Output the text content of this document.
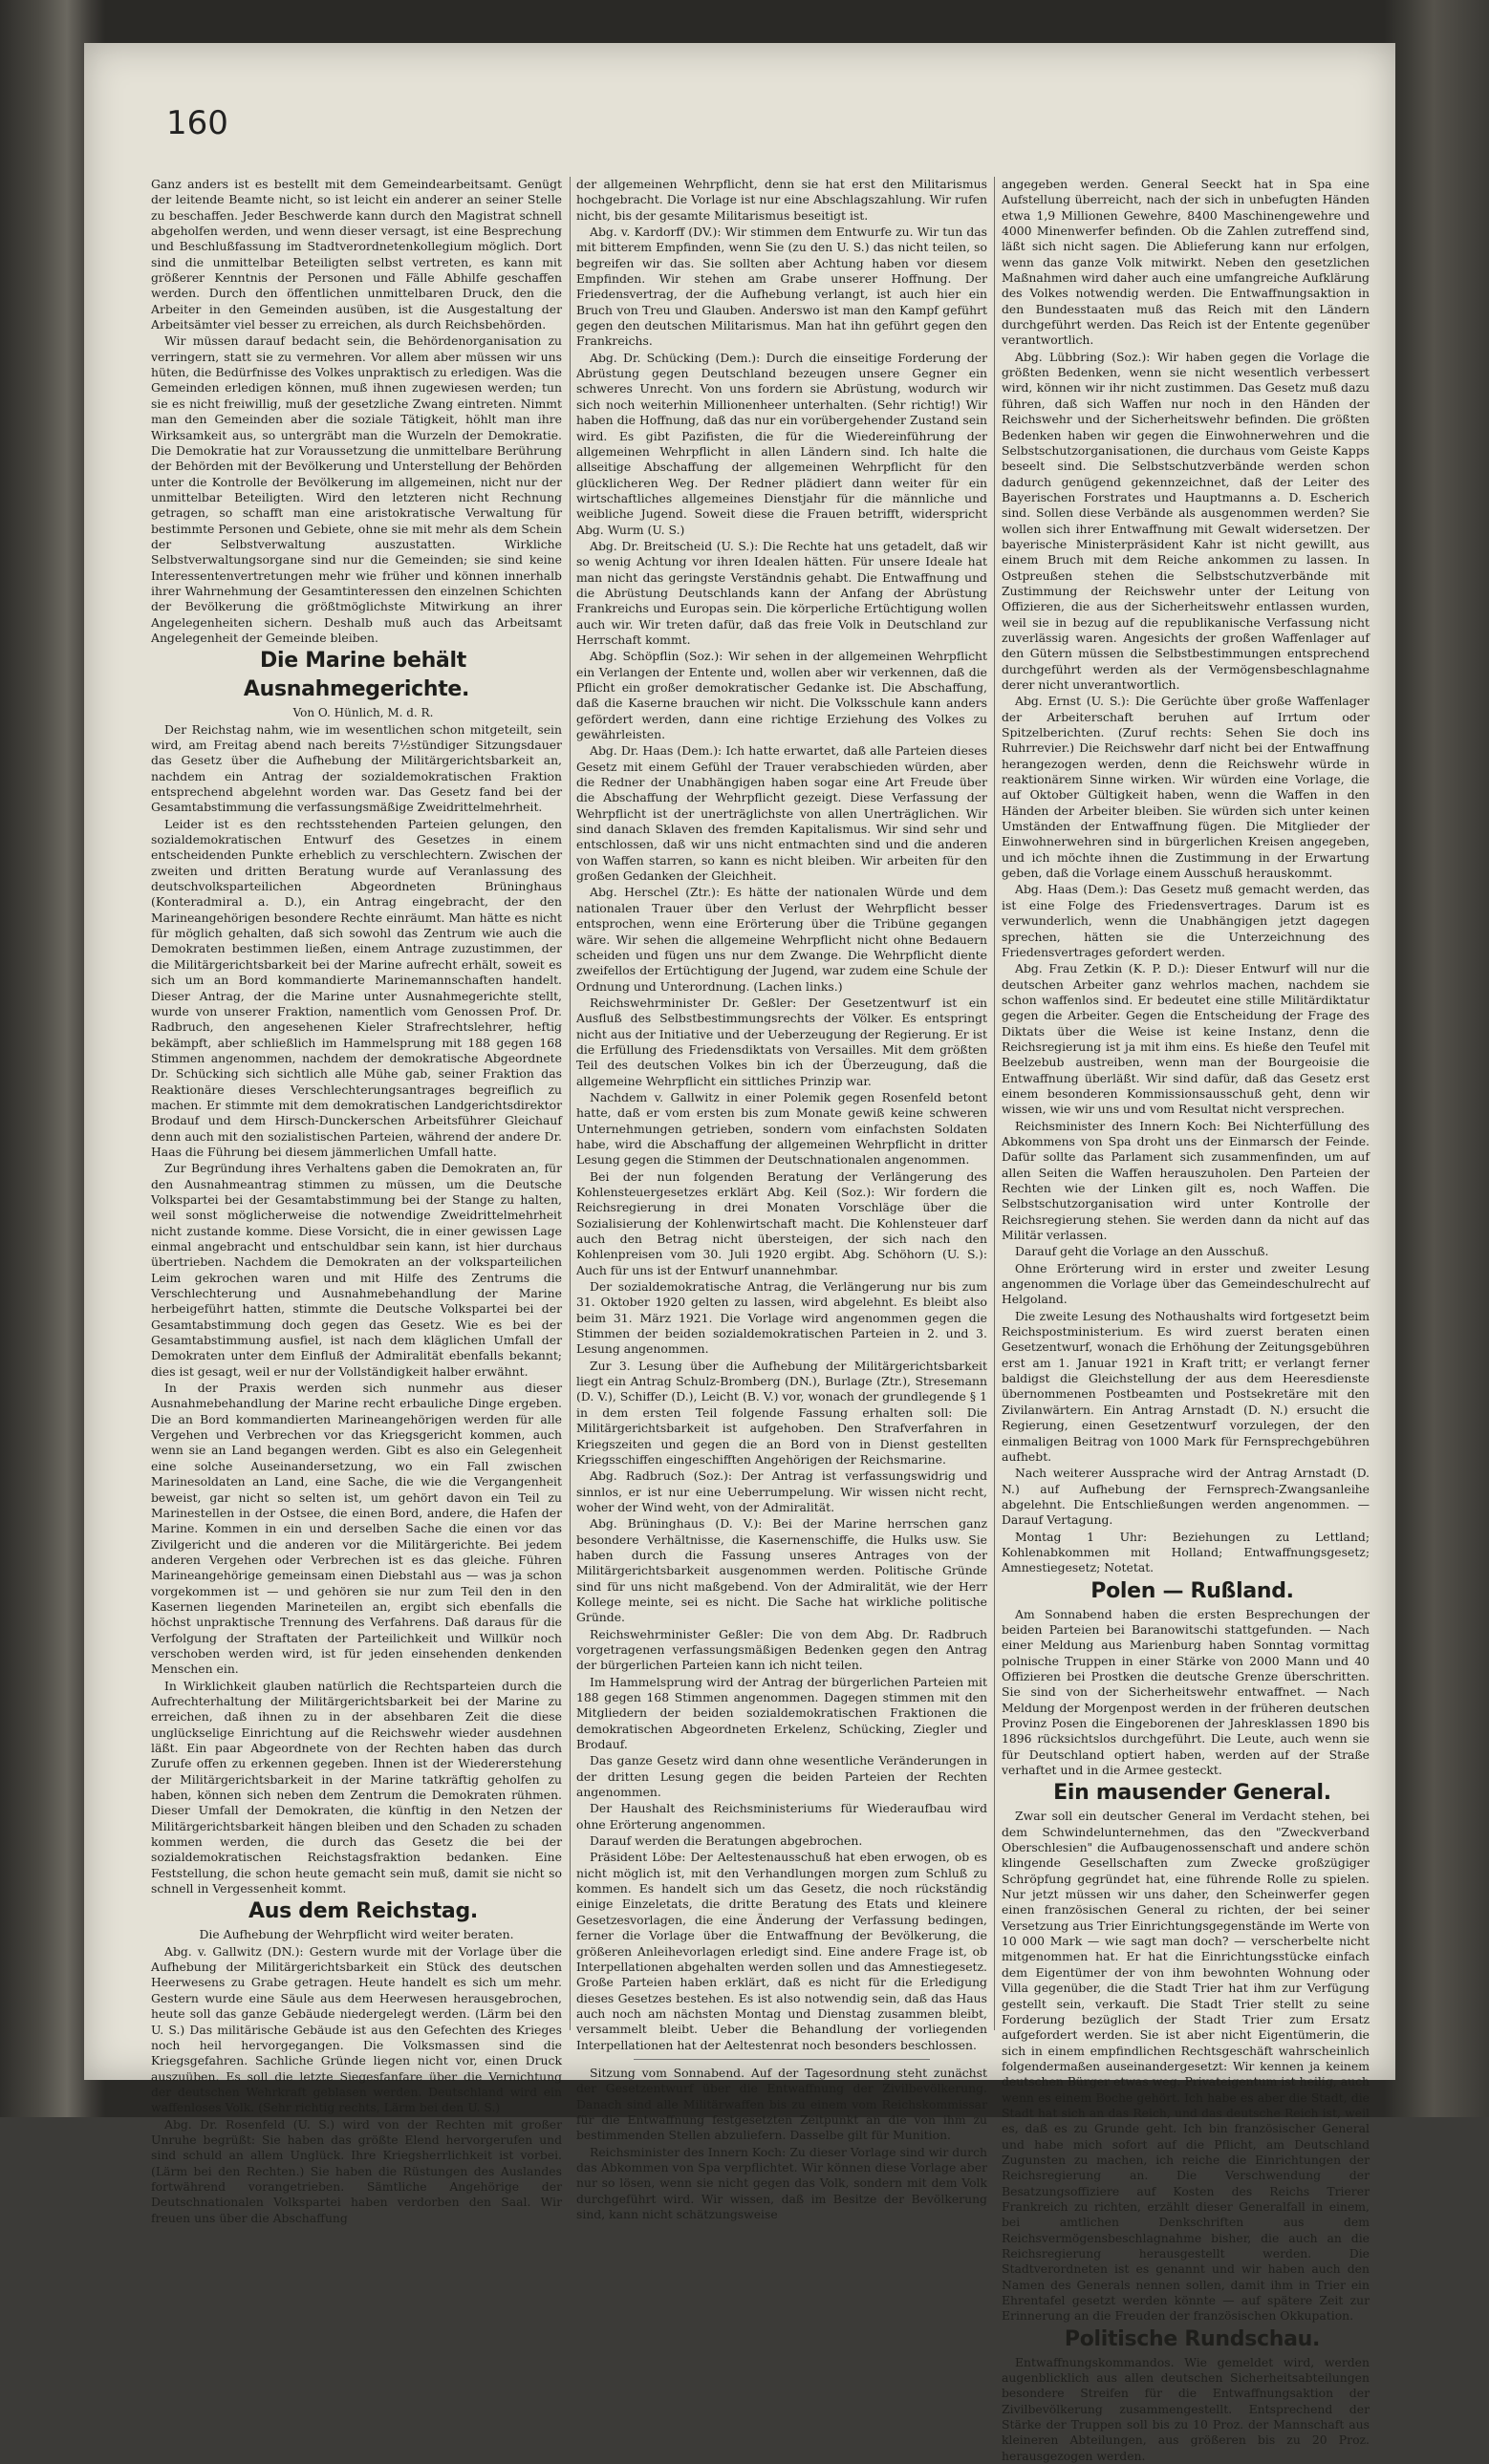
160

Ganz anders ist es bestellt mit dem Gemeindearbeitsamt. Genügt der leitende Beamte nicht, so ist leicht ein anderer an seiner Stelle zu beschaffen. Jeder Beschwerde kann durch den Magistrat schnell abgeholfen werden, und wenn dieser versagt, ist eine Besprechung und Beschlußfassung im Stadtverordnetenkollegium möglich. Dort sind die unmittelbar Beteiligten selbst vertreten, es kann mit größerer Kenntnis der Personen und Fälle Abhilfe geschaffen werden. Durch den öffentlichen unmittelbaren Druck, den die Arbeiter in den Gemeinden ausüben, ist die Ausgestaltung der Arbeitsämter viel besser zu erreichen, als durch Reichsbehörden.

Wir müssen darauf bedacht sein, die Behördenorganisation zu verringern, statt sie zu vermehren. Vor allem aber müssen wir uns hüten, die Bedürfnisse des Volkes unpraktisch zu erledigen. Was die Gemeinden erledigen können, muß ihnen zugewiesen werden; tun sie es nicht freiwillig, muß der gesetzliche Zwang eintreten. Nimmt man den Gemeinden aber die soziale Tätigkeit, höhlt man ihre Wirksamkeit aus, so untergräbt man die Wurzeln der Demokratie. Die Demokratie hat zur Voraussetzung die unmittelbare Berührung der Behörden mit der Bevölkerung und Unterstellung der Behörden unter die Kontrolle der Bevölkerung im allgemeinen, nicht nur der unmittelbar Beteiligten. Wird den letzteren nicht Rechnung getragen, so schafft man eine aristokratische Verwaltung für bestimmte Personen und Gebiete, ohne sie mit mehr als dem Schein der Selbstverwaltung auszustatten. Wirkliche Selbstverwaltungsorgane sind nur die Gemeinden; sie sind keine Interessentenvertretungen mehr wie früher und können innerhalb ihrer Wahrnehmung der Gesamtinteressen den einzelnen Schichten der Bevölkerung die größtmöglichste Mitwirkung an ihrer Angelegenheiten sichern. Deshalb muß auch das Arbeitsamt Angelegenheit der Gemeinde bleiben.

Die Marine behält Ausnahmegerichte.

Von O. Hünlich, M. d. R.

Der Reichstag nahm, wie im wesentlichen schon mitgeteilt, sein wird, am Freitag abend nach bereits 7½stündiger Sitzungsdauer das Gesetz über die Aufhebung der Militärgerichtsbarkeit an, nachdem ein Antrag der sozialdemokratischen Fraktion entsprechend abgelehnt worden war. Das Gesetz fand bei der Gesamtabstimmung die verfassungsmäßige Zweidrittelmehrheit.

Leider ist es den rechtsstehenden Parteien gelungen, den sozialdemokratischen Entwurf des Gesetzes in einem entscheidenden Punkte erheblich zu verschlechtern. Zwischen der zweiten und dritten Beratung wurde auf Veranlassung des deutschvolksparteilichen Abgeordneten Brüninghaus (Konteradmiral a. D.), ein Antrag eingebracht, der den Marineangehörigen besondere Rechte einräumt. Man hätte es nicht für möglich gehalten, daß sich sowohl das Zentrum wie auch die Demokraten bestimmen ließen, einem Antrage zuzustimmen, der die Militärgerichtsbarkeit bei der Marine aufrecht erhält, soweit es sich um an Bord kommandierte Marinemannschaften handelt. Dieser Antrag, der die Marine unter Ausnahmegerichte stellt, wurde von unserer Fraktion, namentlich vom Genossen Prof. Dr. Radbruch, den angesehenen Kieler Strafrechtslehrer, heftig bekämpft, aber schließlich im Hammelsprung mit 188 gegen 168 Stimmen angenommen, nachdem der demokratische Abgeordnete Dr. Schücking sich sichtlich alle Mühe gab, seiner Fraktion das Reaktionäre dieses Verschlechterungsantrages begreiflich zu machen. Er stimmte mit dem demokratischen Landgerichtsdirektor Brodauf und dem Hirsch-Dunckerschen Arbeitsführer Gleichauf denn auch mit den sozialistischen Parteien, während der andere Dr. Haas die Führung bei diesem jämmerlichen Umfall hatte.

Zur Begründung ihres Verhaltens gaben die Demokraten an, für den Ausnahmeantrag stimmen zu müssen, um die Deutsche Volkspartei bei der Gesamtabstimmung bei der Stange zu halten, weil sonst möglicherweise die notwendige Zweidrittelmehrheit nicht zustande komme. Diese Vorsicht, die in einer gewissen Lage einmal angebracht und entschuldbar sein kann, ist hier durchaus übertrieben. Nachdem die Demokraten an der volksparteilichen Leim gekrochen waren und mit Hilfe des Zentrums die Verschlechterung und Ausnahmebehandlung der Marine herbeigeführt hatten, stimmte die Deutsche Volkspartei bei der Gesamtabstimmung doch gegen das Gesetz. Wie es bei der Gesamtabstimmung ausfiel, ist nach dem kläglichen Umfall der Demokraten unter dem Einfluß der Admiralität ebenfalls bekannt; dies ist gesagt, weil er nur der Vollständigkeit halber erwähnt.

In der Praxis werden sich nunmehr aus dieser Ausnahmebehandlung der Marine recht erbauliche Dinge ergeben. Die an Bord kommandierten Marineangehörigen werden für alle Vergehen und Verbrechen vor das Kriegsgericht kommen, auch wenn sie an Land begangen werden. Gibt es also ein Gelegenheit eine solche Auseinandersetzung, wo ein Fall zwischen Marinesoldaten an Land, eine Sache, die wie die Vergangenheit beweist, gar nicht so selten ist, um gehört davon ein Teil zu Marinestellen in der Ostsee, die einen Bord, andere, die Hafen der Marine. Kommen in ein und derselben Sache die einen vor das Zivilgericht und die anderen vor die Militärgerichte. Bei jedem anderen Vergehen oder Verbrechen ist es das gleiche. Führen Marineangehörige gemeinsam einen Diebstahl aus — was ja schon vorgekommen ist — und gehören sie nur zum Teil den in den Kasernen liegenden Marineteilen an, ergibt sich ebenfalls die höchst unpraktische Trennung des Verfahrens. Daß daraus für die Verfolgung der Straftaten der Parteilichkeit und Willkür noch verschoben werden wird, ist für jeden einsehenden denkenden Menschen ein.

In Wirklichkeit glauben natürlich die Rechtsparteien durch die Aufrechterhaltung der Militärgerichtsbarkeit bei der Marine zu erreichen, daß ihnen zu in der absehbaren Zeit die diese unglückselige Einrichtung auf die Reichswehr wieder ausdehnen läßt. Ein paar Abgeordnete von der Rechten haben das durch Zurufe offen zu erkennen gegeben. Ihnen ist der Wiedererstehung der Militärgerichtsbarkeit in der Marine tatkräftig geholfen zu haben, können sich neben dem Zentrum die Demokraten rühmen. Dieser Umfall der Demokraten, die künftig in den Netzen der Militärgerichtsbarkeit hängen bleiben und den Schaden zu schaden kommen werden, die durch das Gesetz die bei der sozialdemokratischen Reichstagsfraktion bedanken. Eine Feststellung, die schon heute gemacht sein muß, damit sie nicht so schnell in Vergessenheit kommt.

Aus dem Reichstag.

Die Aufhebung der Wehrpflicht wird weiter beraten.

Abg. v. Gallwitz (DN.): Gestern wurde mit der Vorlage über die Aufhebung der Militärgerichtsbarkeit ein Stück des deutschen Heerwesens zu Grabe getragen. Heute handelt es sich um mehr. Gestern wurde eine Säule aus dem Heerwesen herausgebrochen, heute soll das ganze Gebäude niedergelegt werden. (Lärm bei den U. S.) Das militärische Gebäude ist aus den Gefechten des Krieges noch heil hervorgegangen. Die Volksmassen sind die Kriegsgefahren. Sachliche Gründe liegen nicht vor, einen Druck auszuüben. Es soll die letzte Siegesfanfare über die Vernichtung der deutschen Wehrkraft geblasen werden. Deutschland wird ein waffenloses Volk. (Sehr richtig rechts, Lärm bei den U. S.)

Abg. Dr. Rosenfeld (U. S.) wird von der Rechten mit großer Unruhe begrüßt: Sie haben das größte Elend hervorgerufen und sind schuld an allem Unglück. Ihre Kriegsherrlichkeit ist vorbei. (Lärm bei den Rechten.) Sie haben die Rüstungen des Auslandes fortwährend vorangetrieben. Sämtliche Angehörige der Deutschnationalen Volkspartei haben verdorben den Saal. Wir freuen uns über die Abschaffung

der allgemeinen Wehrpflicht, denn sie hat erst den Militarismus hochgebracht. Die Vorlage ist nur eine Abschlagszahlung. Wir rufen nicht, bis der gesamte Militarismus beseitigt ist.

Abg. v. Kardorff (DV.): Wir stimmen dem Entwurfe zu. Wir tun das mit bitterem Empfinden, wenn Sie (zu den U. S.) das nicht teilen, so begreifen wir das. Sie sollten aber Achtung haben vor diesem Empfinden. Wir stehen am Grabe unserer Hoffnung. Der Friedensvertrag, der die Aufhebung verlangt, ist auch hier ein Bruch von Treu und Glauben. Anderswo ist man den Kampf geführt gegen den deutschen Militarismus. Man hat ihn geführt gegen den Frankreichs.

Abg. Dr. Schücking (Dem.): Durch die einseitige Forderung der Abrüstung gegen Deutschland bezeugen unsere Gegner ein schweres Unrecht. Von uns fordern sie Abrüstung, wodurch wir sich noch weiterhin Millionenheer unterhalten. (Sehr richtig!) Wir haben die Hoffnung, daß das nur ein vorübergehender Zustand sein wird. Es gibt Pazifisten, die für die Wiedereinführung der allgemeinen Wehrpflicht in allen Ländern sind. Ich halte die allseitige Abschaffung der allgemeinen Wehrpflicht für den glücklicheren Weg. Der Redner plädiert dann weiter für ein wirtschaftliches allgemeines Dienstjahr für die männliche und weibliche Jugend. Soweit diese die Frauen betrifft, widerspricht Abg. Wurm (U. S.)

Abg. Dr. Breitscheid (U. S.): Die Rechte hat uns getadelt, daß wir so wenig Achtung vor ihren Idealen hätten. Für unsere Ideale hat man nicht das geringste Verständnis gehabt. Die Entwaffnung und die Abrüstung Deutschlands kann der Anfang der Abrüstung Frankreichs und Europas sein. Die körperliche Ertüchtigung wollen auch wir. Wir treten dafür, daß das freie Volk in Deutschland zur Herrschaft kommt.

Abg. Schöpflin (Soz.): Wir sehen in der allgemeinen Wehrpflicht ein Verlangen der Entente und, wollen aber wir verkennen, daß die Pflicht ein großer demokratischer Gedanke ist. Die Abschaffung, daß die Kaserne brauchen wir nicht. Die Volksschule kann anders gefördert werden, dann eine richtige Erziehung des Volkes zu gewährleisten.

Abg. Dr. Haas (Dem.): Ich hatte erwartet, daß alle Parteien dieses Gesetz mit einem Gefühl der Trauer verabschieden würden, aber die Redner der Unabhängigen haben sogar eine Art Freude über die Abschaffung der Wehrpflicht gezeigt. Diese Verfassung der Wehrpflicht ist der unerträglichste von allen Unerträglichen. Wir sind danach Sklaven des fremden Kapitalismus. Wir sind sehr und entschlossen, daß wir uns nicht entmachten sind und die anderen von Waffen starren, so kann es nicht bleiben. Wir arbeiten für den großen Gedanken der Gleichheit.

Abg. Herschel (Ztr.): Es hätte der nationalen Würde und dem nationalen Trauer über den Verlust der Wehrpflicht besser entsprochen, wenn eine Erörterung über die Tribüne gegangen wäre. Wir sehen die allgemeine Wehrpflicht nicht ohne Bedauern scheiden und fügen uns nur dem Zwange. Die Wehrpflicht diente zweifellos der Ertüchtigung der Jugend, war zudem eine Schule der Ordnung und Unterordnung. (Lachen links.)

Reichswehrminister Dr. Geßler: Der Gesetzentwurf ist ein Ausfluß des Selbstbestimmungsrechts der Völker. Es entspringt nicht aus der Initiative und der Ueberzeugung der Regierung. Er ist die Erfüllung des Friedensdiktats von Versailles. Mit dem größten Teil des deutschen Volkes bin ich der Überzeugung, daß die allgemeine Wehrpflicht ein sittliches Prinzip war.

Nachdem v. Gallwitz in einer Polemik gegen Rosenfeld betont hatte, daß er vom ersten bis zum Monate gewiß keine schweren Unternehmungen getrieben, sondern vom einfachsten Soldaten habe, wird die Abschaffung der allgemeinen Wehrpflicht in dritter Lesung gegen die Stimmen der Deutschnationalen angenommen.

Bei der nun folgenden Beratung der Verlängerung des Kohlensteuergesetzes erklärt Abg. Keil (Soz.): Wir fordern die Reichsregierung in drei Monaten Vorschläge über die Sozialisierung der Kohlenwirtschaft macht. Die Kohlensteuer darf auch den Betrag nicht übersteigen, der sich nach den Kohlenpreisen vom 30. Juli 1920 ergibt. Abg. Schöhorn (U. S.): Auch für uns ist der Entwurf unannehmbar.

Der sozialdemokratische Antrag, die Verlängerung nur bis zum 31. Oktober 1920 gelten zu lassen, wird abgelehnt. Es bleibt also beim 31. März 1921. Die Vorlage wird angenommen gegen die Stimmen der beiden sozialdemokratischen Parteien in 2. und 3. Lesung angenommen.

Zur 3. Lesung über die Aufhebung der Militärgerichtsbarkeit liegt ein Antrag Schulz-Bromberg (DN.), Burlage (Ztr.), Stresemann (D. V.), Schiffer (D.), Leicht (B. V.) vor, wonach der grundlegende § 1 in dem ersten Teil folgende Fassung erhalten soll: Die Militärgerichtsbarkeit ist aufgehoben. Den Strafverfahren in Kriegszeiten und gegen die an Bord von in Dienst gestellten Kriegsschiffen eingeschifften Angehörigen der Reichsmarine.

Abg. Radbruch (Soz.): Der Antrag ist verfassungswidrig und sinnlos, er ist nur eine Ueberrumpelung. Wir wissen nicht recht, woher der Wind weht, von der Admiralität.

Abg. Brüninghaus (D. V.): Bei der Marine herrschen ganz besondere Verhältnisse, die Kasernenschiffe, die Hulks usw. Sie haben durch die Fassung unseres Antrages von der Militärgerichtsbarkeit ausgenommen werden. Politische Gründe sind für uns nicht maßgebend. Von der Admiralität, wie der Herr Kollege meinte, sei es nicht. Die Sache hat wirkliche politische Gründe.

Reichswehrminister Geßler: Die von dem Abg. Dr. Radbruch vorgetragenen verfassungsmäßigen Bedenken gegen den Antrag der bürgerlichen Parteien kann ich nicht teilen.

Im Hammelsprung wird der Antrag der bürgerlichen Parteien mit 188 gegen 168 Stimmen angenommen. Dagegen stimmen mit den Mitgliedern der beiden sozialdemokratischen Fraktionen die demokratischen Abgeordneten Erkelenz, Schücking, Ziegler und Brodauf.

Das ganze Gesetz wird dann ohne wesentliche Veränderungen in der dritten Lesung gegen die beiden Parteien der Rechten angenommen.

Der Haushalt des Reichsministeriums für Wiederaufbau wird ohne Erörterung angenommen.

Darauf werden die Beratungen abgebrochen.

Präsident Löbe: Der Aeltestenausschuß hat eben erwogen, ob es nicht möglich ist, mit den Verhandlungen morgen zum Schluß zu kommen. Es handelt sich um das Gesetz, die noch rückständig einige Einzeletats, die dritte Beratung des Etats und kleinere Gesetzesvorlagen, die eine Änderung der Verfassung bedingen, ferner die Vorlage über die Entwaffnung der Bevölkerung, die größeren Anleihevorlagen erledigt sind. Eine andere Frage ist, ob Interpellationen abgehalten werden sollen und das Amnestiegesetz. Große Parteien haben erklärt, daß es nicht für die Erledigung dieses Gesetzes bestehen. Es ist also notwendig sein, daß das Haus auch noch am nächsten Montag und Dienstag zusammen bleibt, versammelt bleibt. Ueber die Behandlung der vorliegenden Interpellationen hat der Aeltestenrat noch besonders beschlossen.

Sitzung vom Sonnabend. Auf der Tagesordnung steht zunächst der Gesetzentwurf über die Entwaffnung der Zivilbevölkerung. Danach sind alle Militärwaffen bis zu einem vom Reichskommissar für die Entwaffnung festgesetzten Zeitpunkt an die von ihm zu bestimmenden Stellen abzuliefern. Dasselbe gilt für Munition.

Reichsminister des Innern Koch: Zu dieser Vorlage sind wir durch das Abkommen von Spa verpflichtet. Wir können diese Vorlage aber nur so lösen, wenn sie nicht gegen das Volk, sondern mit dem Volk durchgeführt wird. Wir wissen, daß im Besitze der Bevölkerung sind, kann nicht schätzungsweise

angegeben werden. General Seeckt hat in Spa eine Aufstellung überreicht, nach der sich in unbefugten Händen etwa 1,9 Millionen Gewehre, 8400 Maschinengewehre und 4000 Minenwerfer befinden. Ob die Zahlen zutreffend sind, läßt sich nicht sagen. Die Ablieferung kann nur erfolgen, wenn das ganze Volk mitwirkt. Neben den gesetzlichen Maßnahmen wird daher auch eine umfangreiche Aufklärung des Volkes notwendig werden. Die Entwaffnungsaktion in den Bundesstaaten muß das Reich mit den Ländern durchgeführt werden. Das Reich ist der Entente gegenüber verantwortlich.

Abg. Lübbring (Soz.): Wir haben gegen die Vorlage die größten Bedenken, wenn sie nicht wesentlich verbessert wird, können wir ihr nicht zustimmen. Das Gesetz muß dazu führen, daß sich Waffen nur noch in den Händen der Reichswehr und der Sicherheitswehr befinden. Die größten Bedenken haben wir gegen die Einwohnerwehren und die Selbstschutzorganisationen, die durchaus vom Geiste Kapps beseelt sind. Die Selbstschutzverbände werden schon dadurch genügend gekennzeichnet, daß der Leiter des Bayerischen Forstrates und Hauptmanns a. D. Escherich sind. Sollen diese Verbände als ausgenommen werden? Sie wollen sich ihrer Entwaffnung mit Gewalt widersetzen. Der bayerische Ministerpräsident Kahr ist nicht gewillt, aus einem Bruch mit dem Reiche ankommen zu lassen. In Ostpreußen stehen die Selbstschutzverbände mit Zustimmung der Reichswehr unter der Leitung von Offizieren, die aus der Sicherheitswehr entlassen wurden, weil sie in bezug auf die republikanische Verfassung nicht zuverlässig waren. Angesichts der großen Waffenlager auf den Gütern müssen die Selbstbestimmungen entsprechend durchgeführt werden als der Vermögensbeschlagnahme derer nicht unverantwortlich.

Abg. Ernst (U. S.): Die Gerüchte über große Waffenlager der Arbeiterschaft beruhen auf Irrtum oder Spitzelberichten. (Zuruf rechts: Sehen Sie doch ins Ruhrrevier.) Die Reichswehr darf nicht bei der Entwaffnung herangezogen werden, denn die Reichswehr würde in reaktionärem Sinne wirken. Wir würden eine Vorlage, die auf Oktober Gültigkeit haben, wenn die Waffen in den Händen der Arbeiter bleiben. Sie würden sich unter keinen Umständen der Entwaffnung fügen. Die Mitglieder der Einwohnerwehren sind in bürgerlichen Kreisen angegeben, und ich möchte ihnen die Zustimmung in der Erwartung geben, daß die Vorlage einem Ausschuß herauskommt.

Abg. Haas (Dem.): Das Gesetz muß gemacht werden, das ist eine Folge des Friedensvertrages. Darum ist es verwunderlich, wenn die Unabhängigen jetzt dagegen sprechen, hätten sie die Unterzeichnung des Friedensvertrages gefordert werden.

Abg. Frau Zetkin (K. P. D.): Dieser Entwurf will nur die deutschen Arbeiter ganz wehrlos machen, nachdem sie schon waffenlos sind. Er bedeutet eine stille Militärdiktatur gegen die Arbeiter. Gegen die Entscheidung der Frage des Diktats über die Weise ist keine Instanz, denn die Reichsregierung ist ja mit ihm eins. Es hieße den Teufel mit Beelzebub austreiben, wenn man der Bourgeoisie die Entwaffnung überläßt. Wir sind dafür, daß das Gesetz erst einem besonderen Kommissionsausschuß geht, denn wir wissen, wie wir uns und vom Resultat nicht versprechen.

Reichsminister des Innern Koch: Bei Nichterfüllung des Abkommens von Spa droht uns der Einmarsch der Feinde. Dafür sollte das Parlament sich zusammenfinden, um auf allen Seiten die Waffen herauszuholen. Den Parteien der Rechten wie der Linken gilt es, noch Waffen. Die Selbstschutzorganisation wird unter Kontrolle der Reichsregierung stehen. Sie werden dann da nicht auf das Militär verlassen.

Darauf geht die Vorlage an den Ausschuß.

Ohne Erörterung wird in erster und zweiter Lesung angenommen die Vorlage über das Gemeindeschulrecht auf Helgoland.

Die zweite Lesung des Nothaushalts wird fortgesetzt beim Reichspostministerium. Es wird zuerst beraten einen Gesetzentwurf, wonach die Erhöhung der Zeitungsgebühren erst am 1. Januar 1921 in Kraft tritt; er verlangt ferner baldigst die Gleichstellung der aus dem Heeresdienste übernommenen Postbeamten und Postsekretäre mit den Zivilanwärtern. Ein Antrag Arnstadt (D. N.) ersucht die Regierung, einen Gesetzentwurf vorzulegen, der den einmaligen Beitrag von 1000 Mark für Fernsprechgebühren aufhebt.

Nach weiterer Aussprache wird der Antrag Arnstadt (D. N.) auf Aufhebung der Fernsprech-Zwangsanleihe abgelehnt. Die Entschließungen werden angenommen. — Darauf Vertagung.

Montag 1 Uhr: Beziehungen zu Lettland; Kohlenabkommen mit Holland; Entwaffnungsgesetz; Amnestiegesetz; Notetat.

Polen — Rußland.

Am Sonnabend haben die ersten Besprechungen der beiden Parteien bei Baranowitschi stattgefunden. — Nach einer Meldung aus Marienburg haben Sonntag vormittag polnische Truppen in einer Stärke von 2000 Mann und 40 Offizieren bei Prostken die deutsche Grenze überschritten. Sie sind von der Sicherheitswehr entwaffnet. — Nach Meldung der Morgenpost werden in der früheren deutschen Provinz Posen die Eingeborenen der Jahresklassen 1890 bis 1896 rücksichtslos durchgeführt. Die Leute, auch wenn sie für Deutschland optiert haben, werden auf der Straße verhaftet und in die Armee gesteckt.

Ein mausender General.

Zwar soll ein deutscher General im Verdacht stehen, bei dem Schwindelunternehmen, das den "Zweckverband Oberschlesien" die Aufbaugenossenschaft und andere schön klingende Gesellschaften zum Zwecke großzügiger Schröpfung gegründet hat, eine führende Rolle zu spielen. Nur jetzt müssen wir uns daher, den Scheinwerfer gegen einen französischen General zu richten, der bei seiner Versetzung aus Trier Einrichtungsgegenstände im Werte von 10 000 Mark — wie sagt man doch? — verscherbelte nicht mitgenommen hat. Er hat die Einrichtungsstücke einfach dem Eigentümer der von ihm bewohnten Wohnung oder Villa gegenüber, die die Stadt Trier hat ihm zur Verfügung gestellt sein, verkauft. Die Stadt Trier stellt zu seine Forderung bezüglich der Stadt Trier zum Ersatz aufgefordert werden. Sie ist aber nicht Eigentümerin, die sich in einem empfindlichen Rechtsgeschäft wahrscheinlich folgendermaßen auseinandergesetzt: Wir kennen ja keinem deutschen Bürger etwas weg. Privateigentum ist heilig, auch wenn es einem Boche gehört. Ich habe es aber die Stadt, die Stadt hat sich an das Reich, und das deutsche Reich ist, weil es, daß es zu Grunde geht. Ich bin französischer General und habe mich sofort auf die Pflicht, am Deutschland Zugunsten zu machen, ich reiche die Einrichtungen der Reichsregierung an. Die Verschwendung der Besatzungsoffiziere auf Kosten des Reichs Trierer Frankreich zu richten, erzählt dieser Generalfall in einem, bei amtlichen Denkschriften aus dem Reichsvermögensbeschlagnahme bisher, die auch an die Reichsregierung herausgestellt werden. Die Stadtverordneten ist es genannt und wir haben auch den Namen des Generals nennen sollen, damit ihm in Trier ein Ehrentafel gesetzt werden könnte — auf spätere Zeit zur Erinnerung an die Freuden der französischen Okkupation.

Politische Rundschau.

Entwaffnungskommandos. Wie gemeldet wird, werden augenblicklich aus allen deutschen Sicherheitsabteilungen besondere Streifen für die Entwaffnungsaktion der Zivilbevölkerung zusammengestellt. Entsprechend der Stärke der Truppen soll bis zu 10 Proz. der Mannschaft aus kleineren Abteilungen, aus größeren bis zu 20 Proz. herausgezogen werden.
